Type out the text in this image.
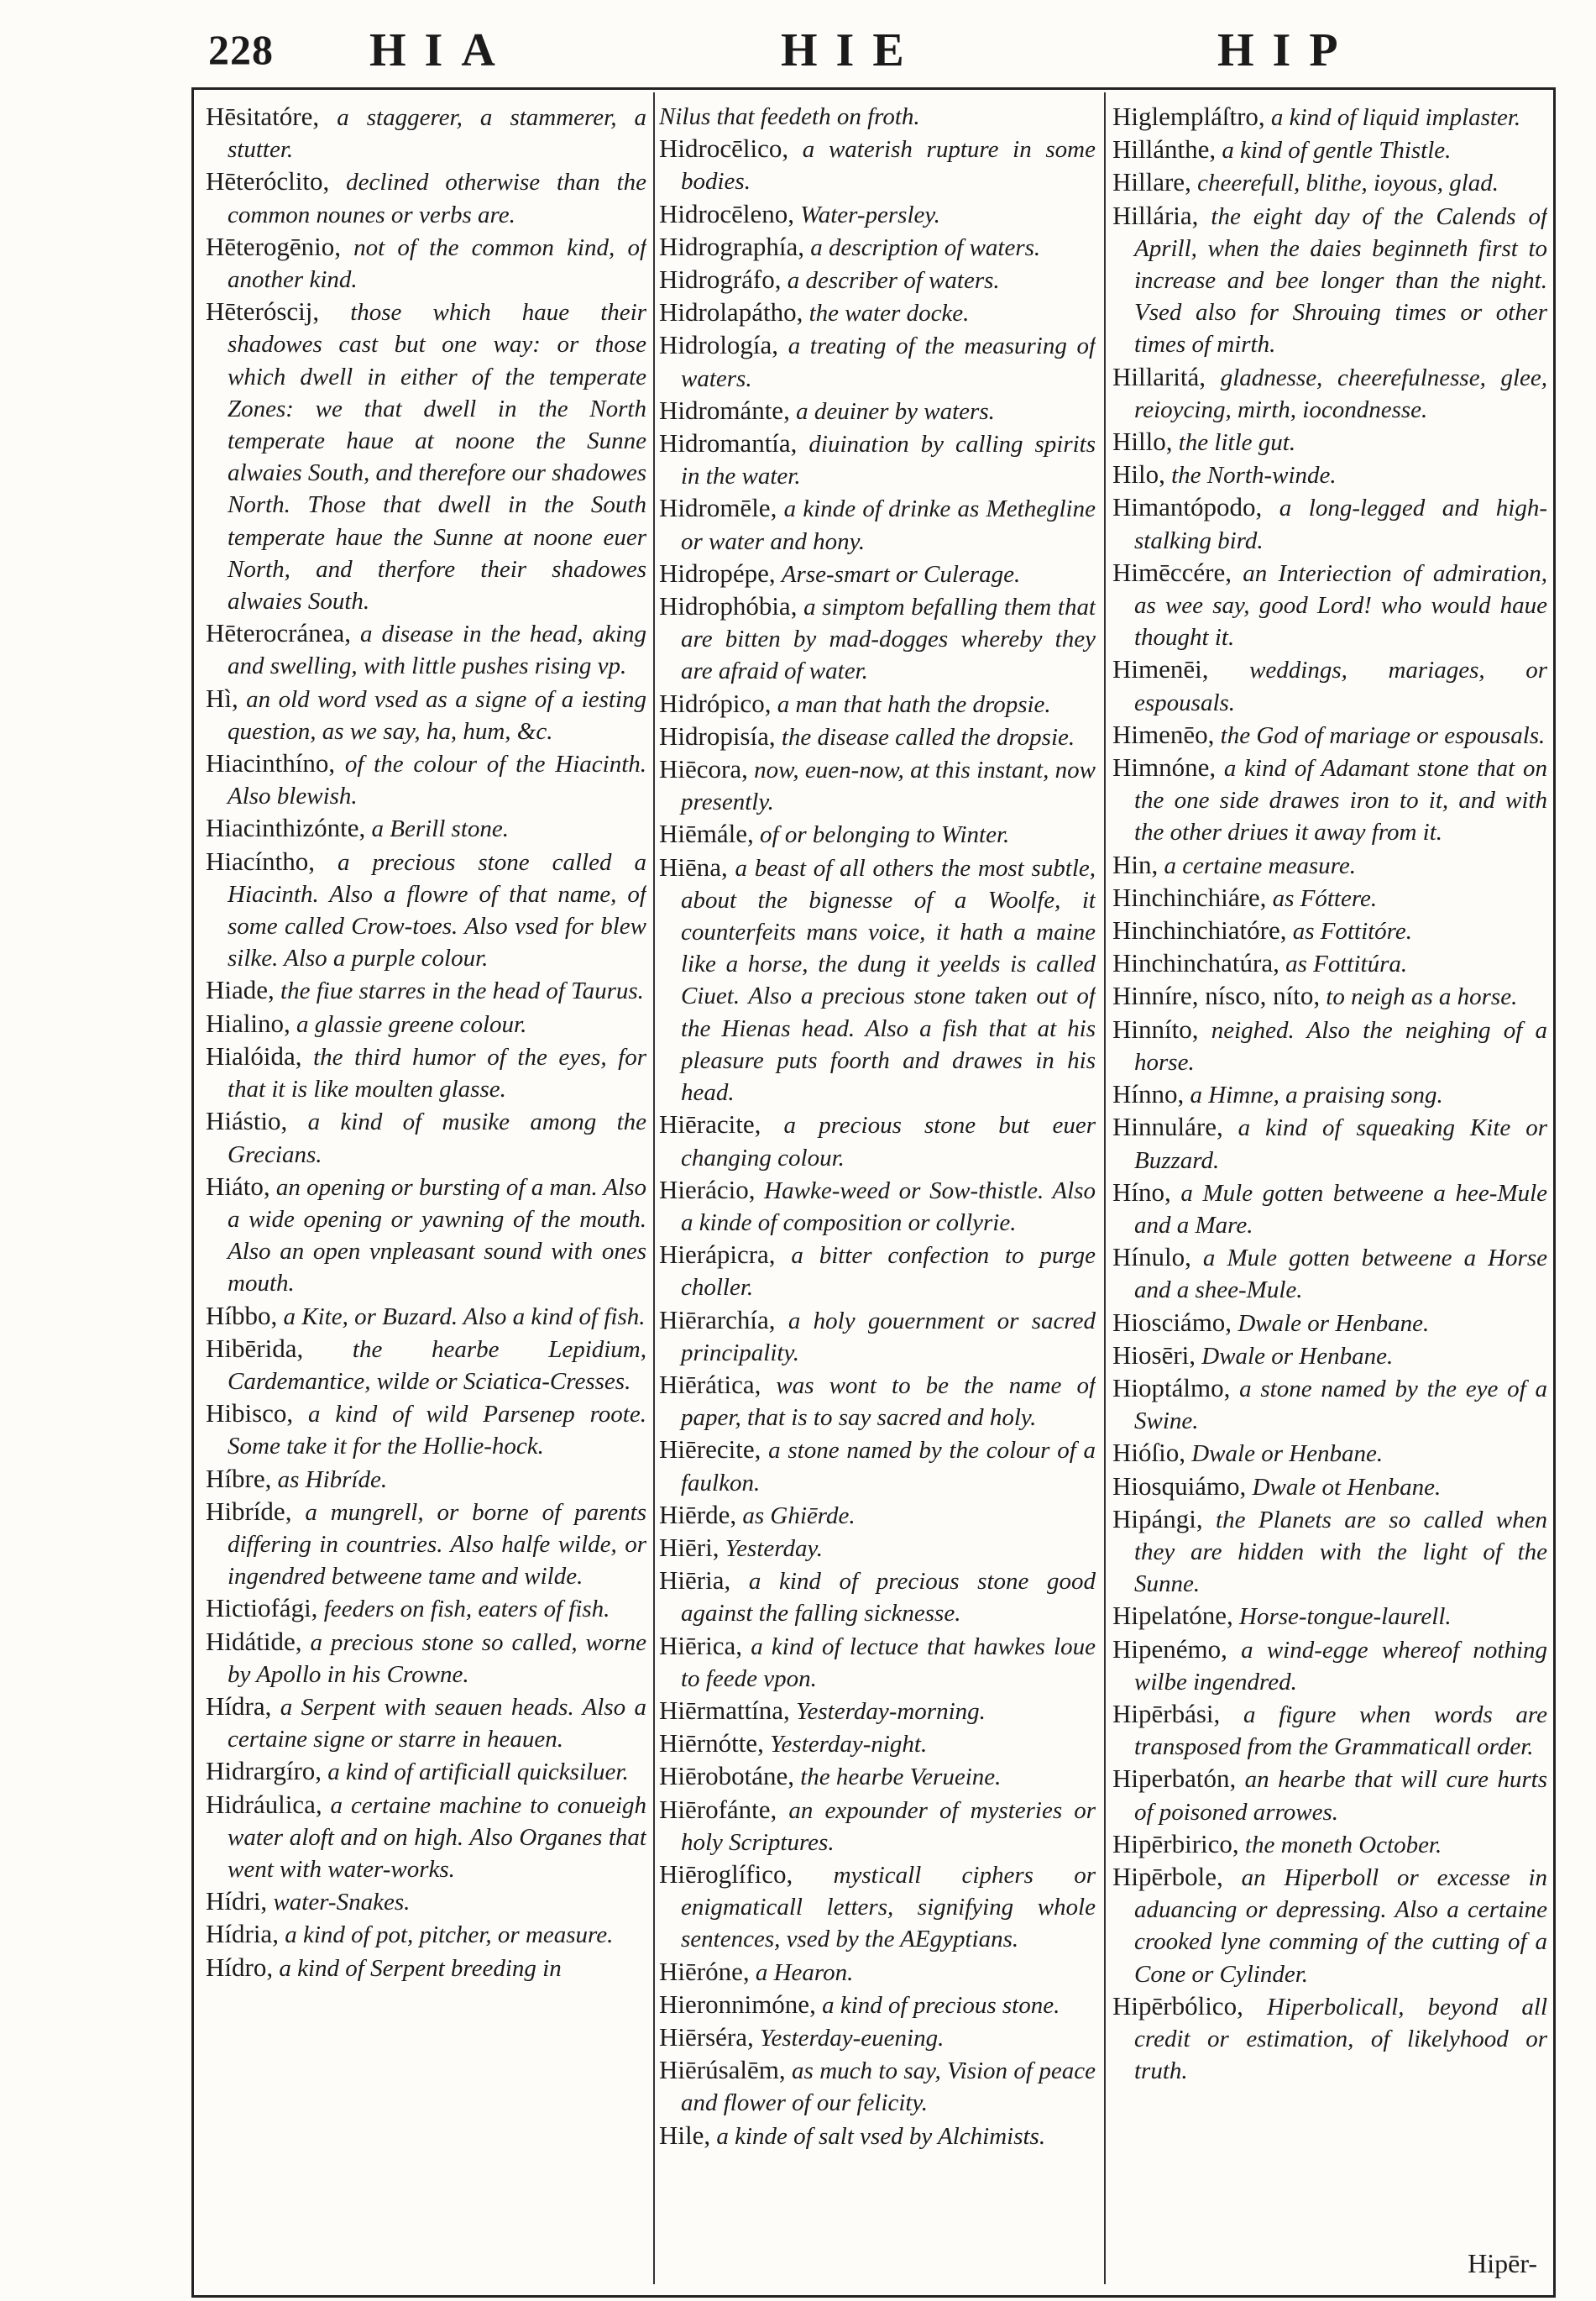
228 HIA	HIE	HIP

Hēsitatóre, a staggerer, a stammerer, a stutter.

Hēteróclito, declined otherwise than the common nounes or verbs are.

Hēterogēnio, not of the common kind, of another kind.

Hēteróscij, those which haue their shadowes cast but one way: or those which dwell in either of the temperate Zones: we that dwell in the North temperate haue at noone the Sunne alwaies South, and therefore our shadowes North. Those that dwell in the South temperate haue the Sunne at noone euer North, and therfore their shadowes alwaies South.

Hēterocránea, a disease in the head, aking and swelling, with little pushes rising vp.

Hì, an old word vsed as a signe of a iesting question, as we say, ha, hum, &c.

Hiacinthíno, of the colour of the Hiacinth. Also blewish.

Hiacinthizónte, a Berill stone.

Hiacíntho, a precious stone called a Hiacinth. Also a flowre of that name, of some called Crow-toes. Also vsed for blew silke. Also a purple colour.

Hiade, the fiue starres in the head of Taurus.

Hialino, a glassie greene colour.

Hialóida, the third humor of the eyes, for that it is like moulten glasse.

Hiástio, a kind of musike among the Grecians.

Hiáto, an opening or bursting of a man. Also a wide opening or yawning of the mouth. Also an open vnpleasant sound with ones mouth.

Híbbo, a Kite, or Buzard. Also a kind of fish.

Hibērida, the hearbe Lepidium, Cardemantice, wilde or Sciatica-Cresses.

Hibisco, a kind of wild Parsenep roote. Some take it for the Hollie-hock.

Híbre, as Hibríde.

Hibríde, a mungrell, or borne of parents differing in countries. Also halfe wilde, or ingendred betweene tame and wilde.

Hictiofági, feeders on fish, eaters of fish.

Hidátide, a precious stone so called, worne by Apollo in his Crowne.

Hídra, a Serpent with seauen heads. Also a certaine signe or starre in heauen.

Hidrargíro, a kind of artificiall quicksiluer.

Hidráulica, a certaine machine to conueigh water aloft and on high. Also Organes that went with water-works.

Hídri, water-Snakes.

Hídria, a kind of pot, pitcher, or measure.

Hídro, a kind of Serpent breeding in

Nilus that feedeth on froth.

Hidrocēlico, a waterish rupture in some bodies.

Hidrocēleno, Water-persley.

Hidrographía, a description of waters.

Hidrográfo, a describer of waters.

Hidrolapátho, the water docke.

Hidrología, a treating of the measuring of waters.

Hidrománte, a deuiner by waters.

Hidromantía, diuination by calling spirits in the water.

Hidromēle, a kinde of drinke as Methegline or water and hony.

Hidropépe, Arse-smart or Culerage.

Hidrophóbia, a simptom befalling them that are bitten by mad-dogges whereby they are afraid of water.

Hidrópico, a man that hath the dropsie.

Hidropisía, the disease called the dropsie.

Hiēcora, now, euen-now, at this instant, now presently.

Hiēmále, of or belonging to Winter.

Hiēna, a beast of all others the most subtle, about the bignesse of a Woolfe, it counterfeits mans voice, it hath a maine like a horse, the dung it yeelds is called Ciuet. Also a precious stone taken out of the Hienas head. Also a fish that at his pleasure puts foorth and drawes in his head.

Hiēracite, a precious stone but euer changing colour.

Hierácio, Hawke-weed or Sow-thistle. Also a kinde of composition or collyrie.

Hierápicra, a bitter confection to purge choller.

Hiērarchía, a holy gouernment or sacred principality.

Hiērática, was wont to be the name of paper, that is to say sacred and holy.

Hiērecite, a stone named by the colour of a faulkon.

Hiērde, as Ghiērde.

Hiēri, Yesterday.

Hiēria, a kind of precious stone good against the falling sicknesse.

Hiērica, a kind of lectuce that hawkes loue to feede vpon.

Hiērmattína, Yesterday-morning.

Hiērnótte, Yesterday-night.

Hiērobotáne, the hearbe Verueine.

Hiērofánte, an expounder of mysteries or holy Scriptures.

Hiēroglífico, mysticall ciphers or enigmaticall letters, signifying whole sentences, vsed by the AEgyptians.

Hiēróne, a Hearon.

Hieronnimóne, a kind of precious stone.

Hiērséra, Yesterday-euening.

Hiērúsalēm, as much to say, Vision of peace and flower of our felicity.

Hile, a kinde of salt vsed by Alchimists.

Higlempláſtro, a kind of liquid implaster.

Hillánthe, a kind of gentle Thistle.

Hillare, cheerefull, blithe, ioyous, glad.

Hillária, the eight day of the Calends of Aprill, when the daies beginneth first to increase and bee longer than the night. Vsed also for Shrouing times or other times of mirth.

Hillaritá, gladnesse, cheerefulnesse, glee, reioycing, mirth, iocondnesse.

Hillo, the litle gut.

Hilo, the North-winde.

Himantópodo, a long-legged and high-stalking bird.

Himēccére, an Interiection of admiration, as wee say, good Lord! who would haue thought it.

Himenēi, weddings, mariages, or espousals.

Himenēo, the God of mariage or espousals.

Himnóne, a kind of Adamant stone that on the one side drawes iron to it, and with the other driues it away from it.

Hin, a certaine measure.

Hinchinchiáre, as Fóttere.

Hinchinchiatóre, as Fottitóre.

Hinchinchatúra, as Fottitúra.

Hinníre, nísco, níto, to neigh as a horse.

Hinníto, neighed. Also the neighing of a horse.

Hínno, a Himne, a praising song.

Hinnuláre, a kind of squeaking Kite or Buzzard.

Híno, a Mule gotten betweene a hee-Mule and a Mare.

Hínulo, a Mule gotten betweene a Horse and a shee-Mule.

Hiosciámo, Dwale or Henbane.

Hiosēri, Dwale or Henbane.

Hioptálmo, a stone named by the eye of a Swine.

Hióſio, Dwale or Henbane.

Hiosquiámo, Dwale ot Henbane.

Hipángi, the Planets are so called when they are hidden with the light of the Sunne.

Hipelatóne, Horse-tongue-laurell.

Hipenémo, a wind-egge whereof nothing wilbe ingendred.

Hipērbási, a figure when words are transposed from the Grammaticall order.

Hiperbatón, an hearbe that will cure hurts of poisoned arrowes.

Hipērbirico, the moneth October.

Hipērbole, an Hiperboll or excesse in aduancing or depressing. Also a certaine crooked lyne comming of the cutting of a Cone or Cylinder.

Hipērbólico, Hiperbolicall, beyond all credit or estimation, of likelyhood or truth.

Hipēr-
